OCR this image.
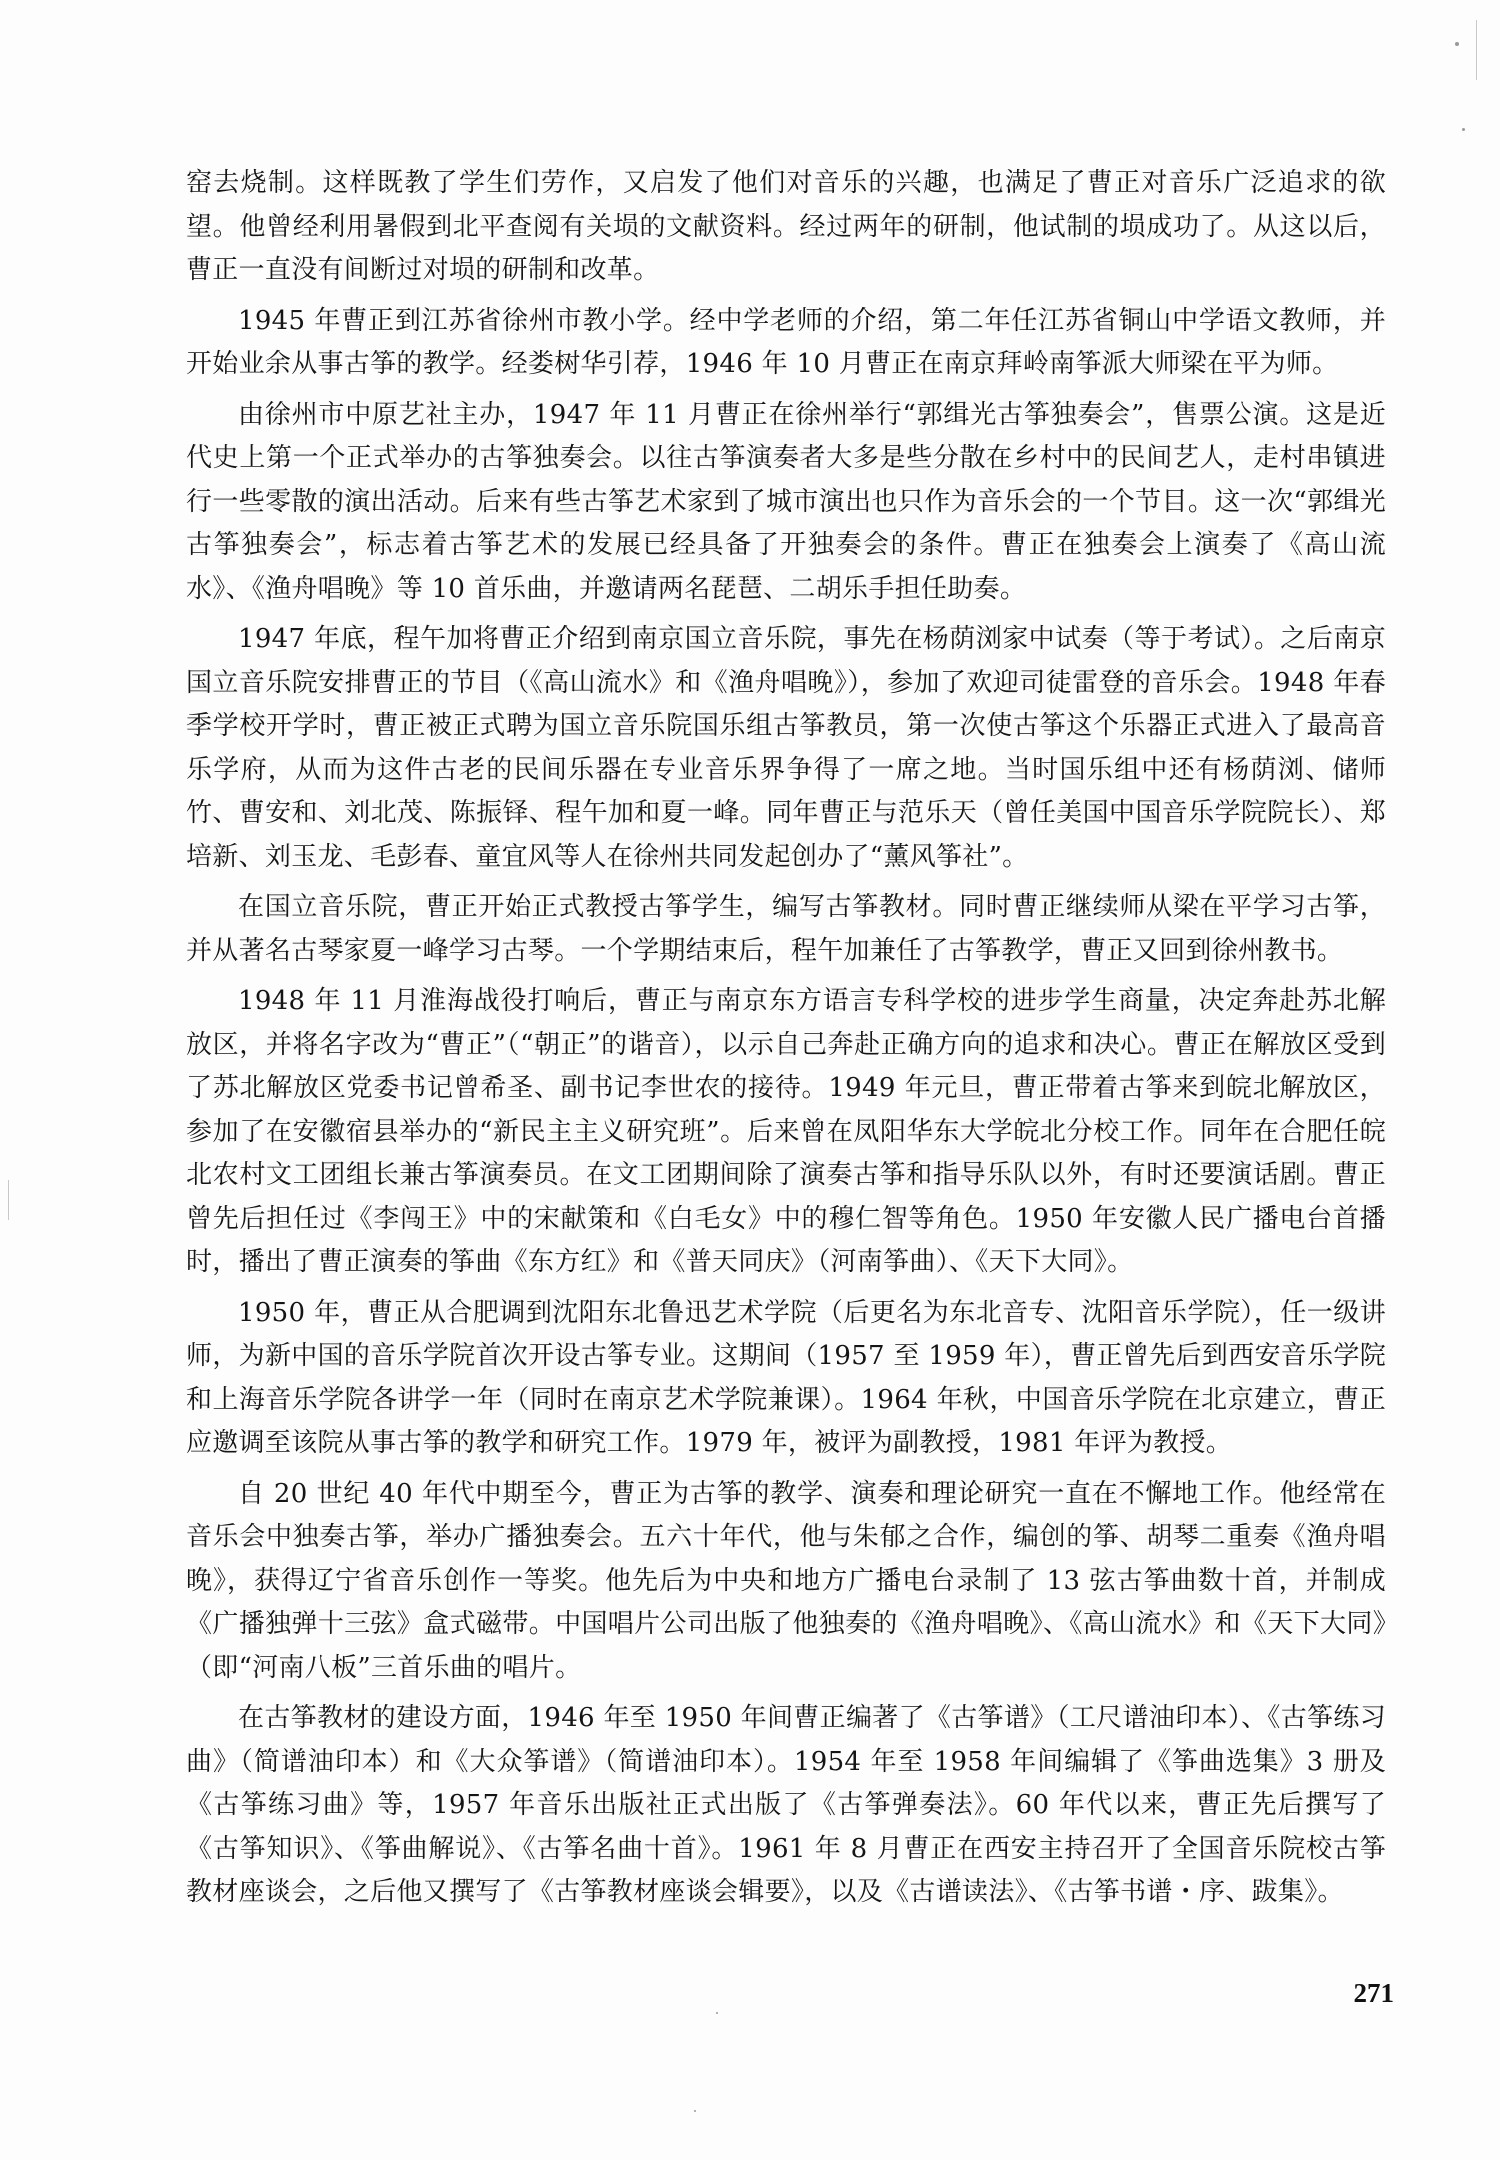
窑去烧制。这样既教了学生们劳作，又启发了他们对音乐的兴趣，也满足了曹正对音乐广泛追求的欲望。他曾经利用暑假到北平查阅有关埙的文献资料。经过两年的研制，他试制的埙成功了。从这以后，曹正一直没有间断过对埙的研制和改革。

1945 年曹正到江苏省徐州市教小学。经中学老师的介绍，第二年任江苏省铜山中学语文教师，并开始业余从事古筝的教学。经娄树华引荐，1946 年 10 月曹正在南京拜岭南筝派大师梁在平为师。

由徐州市中原艺社主办，1947 年 11 月曹正在徐州举行“郭缉光古筝独奏会”，售票公演。这是近代史上第一个正式举办的古筝独奏会。以往古筝演奏者大多是些分散在乡村中的民间艺人，走村串镇进行一些零散的演出活动。后来有些古筝艺术家到了城市演出也只作为音乐会的一个节目。这一次“郭缉光古筝独奏会”，标志着古筝艺术的发展已经具备了开独奏会的条件。曹正在独奏会上演奏了《高山流水》、《渔舟唱晚》等 10 首乐曲，并邀请两名琵琶、二胡乐手担任助奏。

1947 年底，程午加将曹正介绍到南京国立音乐院，事先在杨荫浏家中试奏（等于考试）。之后南京国立音乐院安排曹正的节目（《高山流水》和《渔舟唱晚》），参加了欢迎司徒雷登的音乐会。1948 年春季学校开学时，曹正被正式聘为国立音乐院国乐组古筝教员，第一次使古筝这个乐器正式进入了最高音乐学府，从而为这件古老的民间乐器在专业音乐界争得了一席之地。当时国乐组中还有杨荫浏、储师竹、曹安和、刘北茂、陈振铎、程午加和夏一峰。同年曹正与范乐天（曾任美国中国音乐学院院长）、郑培新、刘玉龙、毛彭春、童宜风等人在徐州共同发起创办了“薰风筝社”。

在国立音乐院，曹正开始正式教授古筝学生，编写古筝教材。同时曹正继续师从梁在平学习古筝，并从著名古琴家夏一峰学习古琴。一个学期结束后，程午加兼任了古筝教学，曹正又回到徐州教书。

1948 年 11 月淮海战役打响后，曹正与南京东方语言专科学校的进步学生商量，决定奔赴苏北解放区，并将名字改为“曹正”（“朝正”的谐音），以示自己奔赴正确方向的追求和决心。曹正在解放区受到了苏北解放区党委书记曾希圣、副书记李世农的接待。1949 年元旦，曹正带着古筝来到皖北解放区，参加了在安徽宿县举办的“新民主主义研究班”。后来曾在凤阳华东大学皖北分校工作。同年在合肥任皖北农村文工团组长兼古筝演奏员。在文工团期间除了演奏古筝和指导乐队以外，有时还要演话剧。曹正曾先后担任过《李闯王》中的宋献策和《白毛女》中的穆仁智等角色。1950 年安徽人民广播电台首播时，播出了曹正演奏的筝曲《东方红》和《普天同庆》（河南筝曲）、《天下大同》。

1950 年，曹正从合肥调到沈阳东北鲁迅艺术学院（后更名为东北音专、沈阳音乐学院），任一级讲师，为新中国的音乐学院首次开设古筝专业。这期间（1957 至 1959 年），曹正曾先后到西安音乐学院和上海音乐学院各讲学一年（同时在南京艺术学院兼课）。1964 年秋，中国音乐学院在北京建立，曹正应邀调至该院从事古筝的教学和研究工作。1979 年，被评为副教授，1981 年评为教授。

自 20 世纪 40 年代中期至今，曹正为古筝的教学、演奏和理论研究一直在不懈地工作。他经常在音乐会中独奏古筝，举办广播独奏会。五六十年代，他与朱郁之合作，编创的筝、胡琴二重奏《渔舟唱晚》，获得辽宁省音乐创作一等奖。他先后为中央和地方广播电台录制了 13 弦古筝曲数十首，并制成《广播独弹十三弦》盒式磁带。中国唱片公司出版了他独奏的《渔舟唱晚》、《高山流水》和《天下大同》（即“河南八板”三首乐曲的唱片。

在古筝教材的建设方面，1946 年至 1950 年间曹正编著了《古筝谱》（工尺谱油印本）、《古筝练习曲》（简谱油印本）和《大众筝谱》（简谱油印本）。1954 年至 1958 年间编辑了《筝曲选集》3 册及《古筝练习曲》等，1957 年音乐出版社正式出版了《古筝弹奏法》。60 年代以来，曹正先后撰写了《古筝知识》、《筝曲解说》、《古筝名曲十首》。1961 年 8 月曹正在西安主持召开了全国音乐院校古筝教材座谈会，之后他又撰写了《古筝教材座谈会辑要》，以及《古谱读法》、《古筝书谱・序、跋集》。

271
